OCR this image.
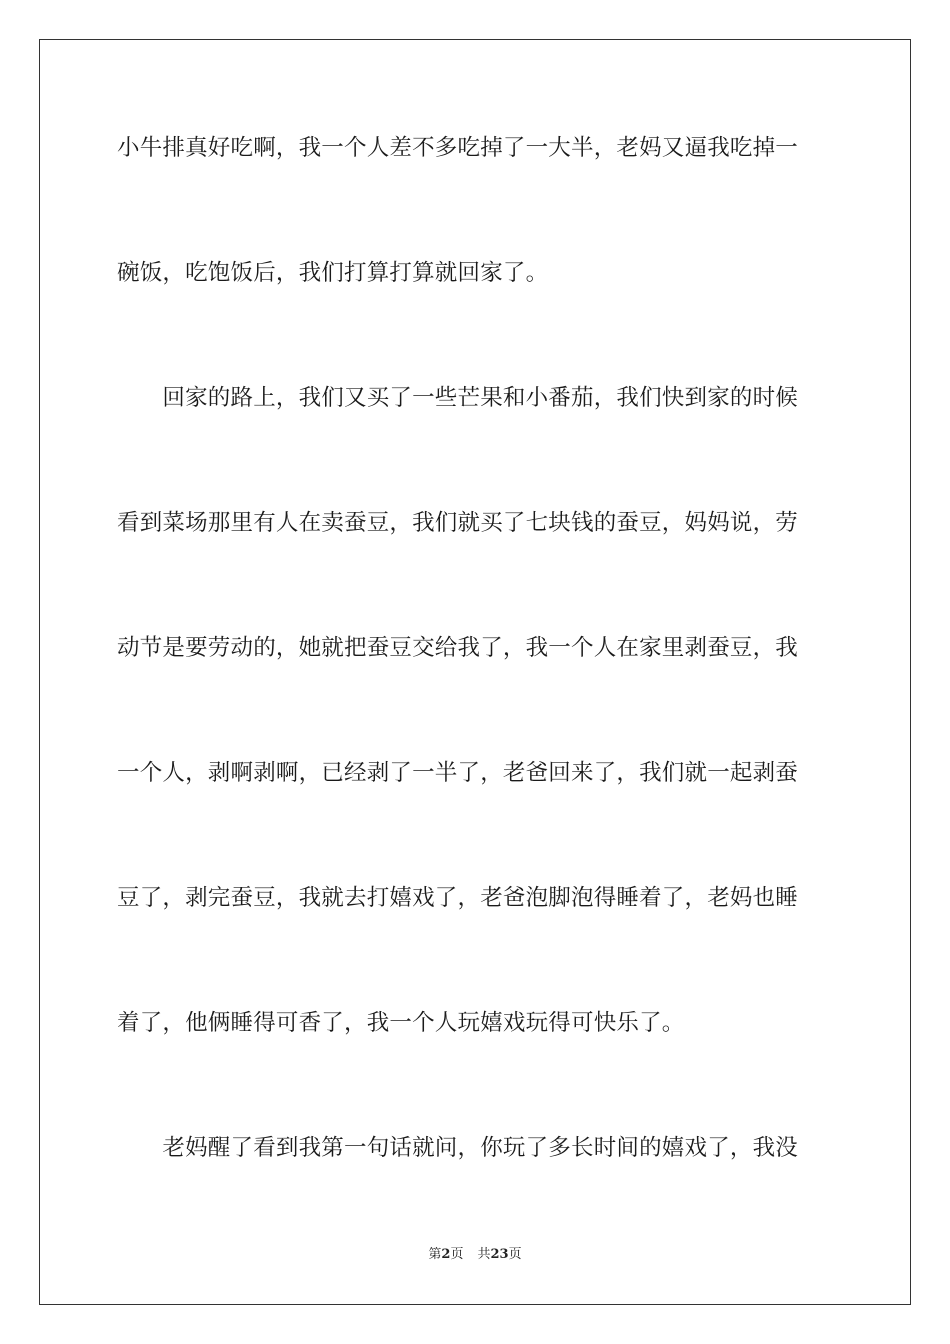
小牛排真好吃啊，我一个人差不多吃掉了一大半，老妈又逼我吃掉一
碗饭，吃饱饭后，我们打算打算就回家了。
　　回家的路上，我们又买了一些芒果和小番茄，我们快到家的时候
看到菜场那里有人在卖蚕豆，我们就买了七块钱的蚕豆，妈妈说，劳
动节是要劳动的，她就把蚕豆交给我了，我一个人在家里剥蚕豆，我
一个人，剥啊剥啊，已经剥了一半了，老爸回来了，我们就一起剥蚕
豆了，剥完蚕豆，我就去打嬉戏了，老爸泡脚泡得睡着了，老妈也睡
着了，他俩睡得可香了，我一个人玩嬉戏玩得可快乐了。
　　老妈醒了看到我第一句话就问，你玩了多长时间的嬉戏了，我没
第2页 共23页
